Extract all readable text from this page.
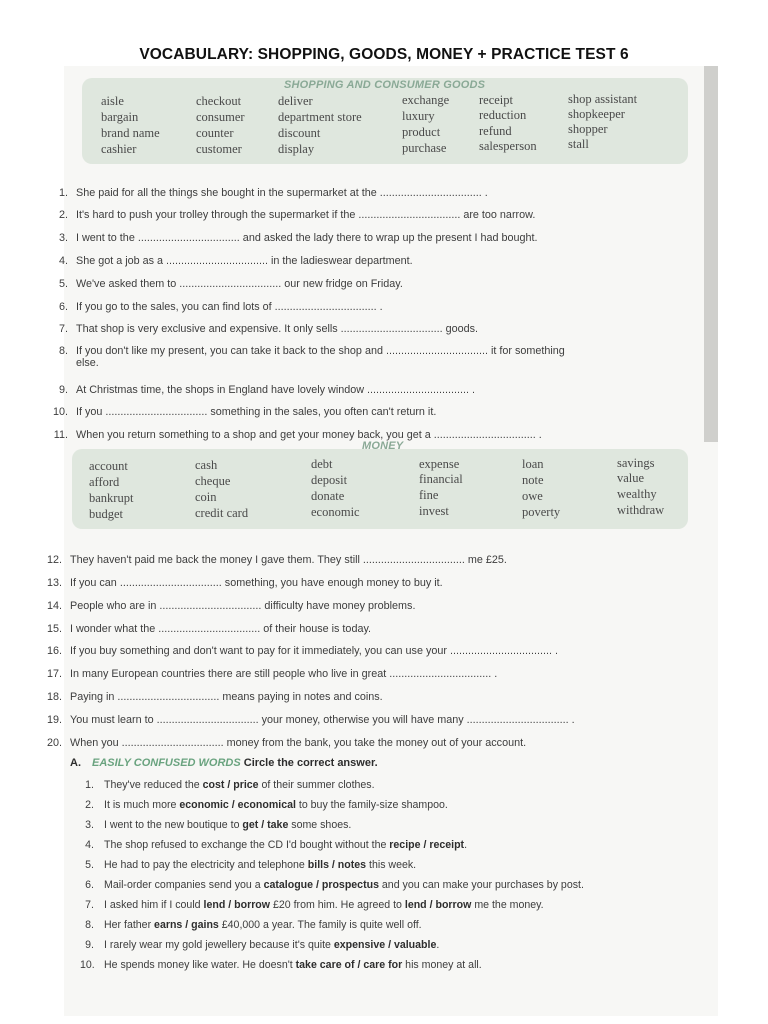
VOCABULARY: SHOPPING, GOODS, MONEY + PRACTICE TEST 6
SHOPPING AND CONSUMER GOODS
aisle
bargain
brand name
cashier
checkout
consumer
counter
customer
deliver
department store
discount
display
exchange
luxury
product
purchase
receipt
reduction
refund
salesperson
shop assistant
shopkeeper
shopper
stall
1. She paid for all the things she bought in the supermarket at the .................................. .
2. It's hard to push your trolley through the supermarket if the .................................. are too narrow.
3. I went to the .................................. and asked the lady there to wrap up the present I had bought.
4. She got a job as a .................................. in the ladieswear department.
5. We've asked them to .................................. our new fridge on Friday.
6. If you go to the sales, you can find lots of .................................. .
7. That shop is very exclusive and expensive. It only sells .................................. goods.
8. If you don't like my present, you can take it back to the shop and .................................. it for something
else.
9. At Christmas time, the shops in England have lovely window .................................. .
10. If you .................................. something in the sales, you often can't return it.
11. When you return something to a shop and get your money back, you get a .................................. .
MONEY
account
afford
bankrupt
budget
cash
cheque
coin
credit card
debt
deposit
donate
economic
expense
financial
fine
invest
loan
note
owe
poverty
savings
value
wealthy
withdraw
12. They haven't paid me back the money I gave them. They still .................................. me £25.
13. If you can .................................. something, you have enough money to buy it.
14. People who are in .................................. difficulty have money problems.
15. I wonder what the .................................. of their house is today.
16. If you buy something and don't want to pay for it immediately, you can use your .................................. .
17. In many European countries there are still people who live in great .................................. .
18. Paying in .................................. means paying in notes and coins.
19. You must learn to .................................. your money, otherwise you will have many .................................. .
20. When you .................................. money from the bank, you take the money out of your account.
A. EASILY CONFUSED WORDS Circle the correct answer.
1. They've reduced the cost / price of their summer clothes.
2. It is much more economic / economical to buy the family-size shampoo.
3. I went to the new boutique to get / take some shoes.
4. The shop refused to exchange the CD I'd bought without the recipe / receipt.
5. He had to pay the electricity and telephone bills / notes this week.
6. Mail-order companies send you a catalogue / prospectus and you can make your purchases by post.
7. I asked him if I could lend / borrow £20 from him. He agreed to lend / borrow me the money.
8. Her father earns / gains £40,000 a year. The family is quite well off.
9. I rarely wear my gold jewellery because it's quite expensive / valuable.
10. He spends money like water. He doesn't take care of / care for his money at all.
